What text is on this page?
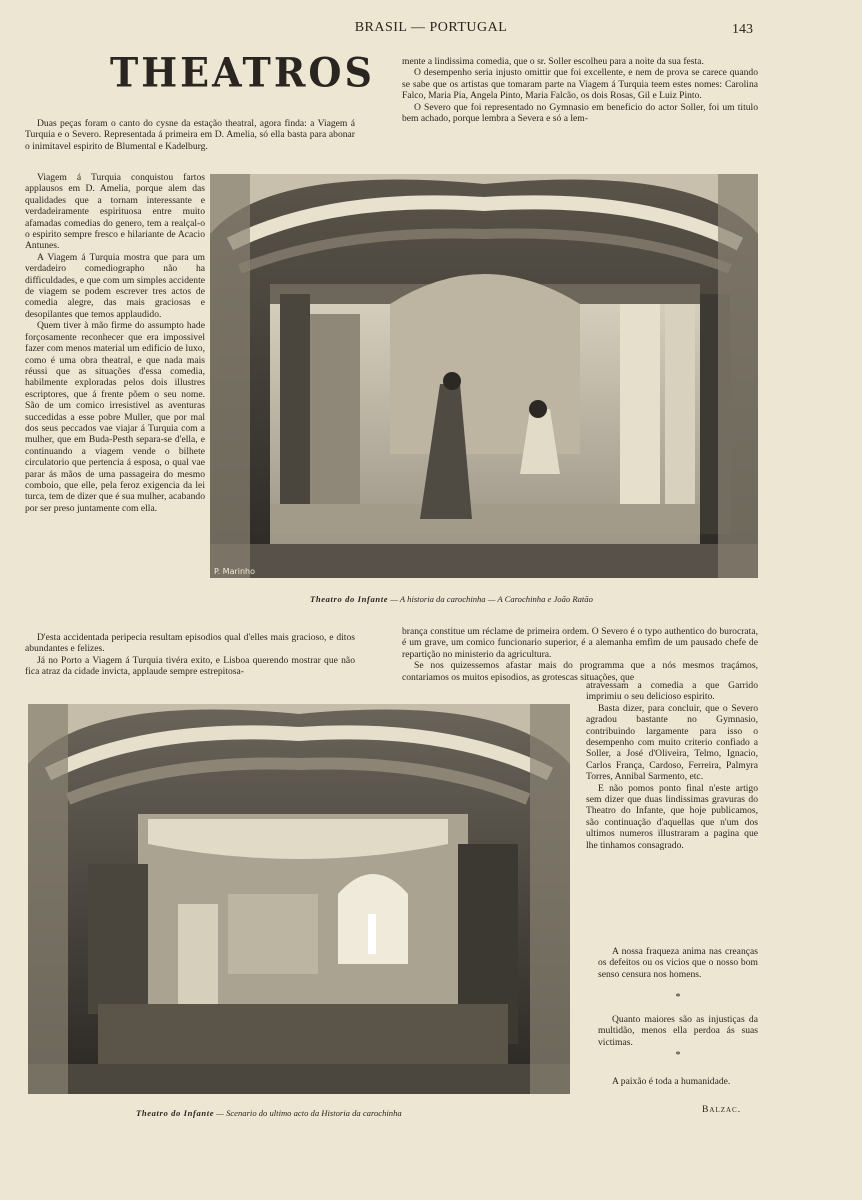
BRASIL — PORTUGAL	143
THEATROS

Duas peças foram o canto do cysne da estação theatral, agora finda: a Viagem á Turquia e o Severo. Representada á primeira em D. Amelia, só ella basta para abonar o inimitavel espirito de Blumental e Kadelburg.

Viagem á Turquia conquistou fartos applausos em D. Amelia, porque alem das qualidades que a tornam interessante e verdadeiramente espirituosa entre muito afamadas comedias do genero, tem a realçal-o o espirito sempre fresco e hilariante de Acacio Antunes.

A Viagem á Turquia mostra que para um verdadeiro comediographo não ha difficuldades, e que com um simples accidente de viagem se podem escrever tres actos de comedia alegre, das mais graciosas e desopilantes que temos applaudido.

Quem tiver à mão firme do assumpto hade forçosamente reconhecer que era impossivel fazer com menos material um edificio de luxo, como é uma obra theatral, e que nada mais réussi que as situações d'essa comedia, habilmente exploradas pelos dois illustres escriptores, que á frente põem o seu nome. São de um comico irresistivel as aventuras succedidas a esse pobre Muller, que por mal dos seus peccados vae viajar á Turquia com a mulher, que em Buda-Pesth separa-se d'ella, e continuando a viagem vende o bilhete circulatorio que pertencia á esposa, o qual vae parar ás mãos de uma passageira do mesmo comboio, que elle, pela feroz exigencia da lei turca, tem de dizer que é sua mulher, acabando por ser preso juntamente com ella.

D'esta accidentada peripecia resultam episodios qual d'elles mais gracioso, e ditos abundantes e felizes.

Já no Porto a Viagem á Turquia tivéra exito, e Lisboa querendo mostrar que não fica atraz da cidade invicta, applaude sempre estrepitosa-

mente a lindissima comedia, que o sr. Soller escolheu para a noite da sua festa.

O desempenho seria injusto omittir que foi excellente, e nem de prova se carece quando se sabe que os artistas que tomaram parte na Viagem á Turquia teem estes nomes: Carolina Falco, Maria Pia, Angela Pinto, Maria Falcão, os dois Rosas, Gil e Luiz Pinto.

O Severo que foi representado no Gymnasio em beneficio do actor Soller, foi um titulo bem achado, porque lembra a Severa e só a lem-

P. Marinho
Theatro do Infante — A historia da carochinha — A Carochinha e João Ratão

brança constitue um réclame de primeira ordem. O Severo é o typo authentico do burocrata, é um grave, um comico funcionario superior, é a alemanha emfim de um pausado chefe de repartição no ministerio da agricultura.

Se nos quizessemos afastar mais do programma que a nós mesmos traçámos, contariamos os muitos episodios, as grotescas situações, que

Theatro do Infante — Scenario do ultimo acto da Historia da carochinha

atravessam a comedia a que Garrido imprimiu o seu delicioso espirito.

Basta dizer, para concluir, que o Severo agradou bastante no Gymnasio, contribuindo largamente para isso o desempenho com muito criterio confiado a Soller, a José d'Oliveira, Telmo, Ignacio, Carlos França, Cardoso, Ferreira, Palmyra Torres, Annibal Sarmento, etc.

E não pomos ponto final n'este artigo sem dizer que duas lindissimas gravuras do Theatro do Infante, que hoje publicamos, são continuação d'aquellas que n'um dos ultimos numeros illustraram a pagina que lhe tinhamos consagrado.

A nossa fraqueza anima nas creanças os defeitos ou os vicios que o nosso bom senso censura nos homens.

*

Quanto maiores são as injustiças da multidão, menos ella perdoa ás suas victimas.

*

A paixão é toda a humanidade.

Balzac.
